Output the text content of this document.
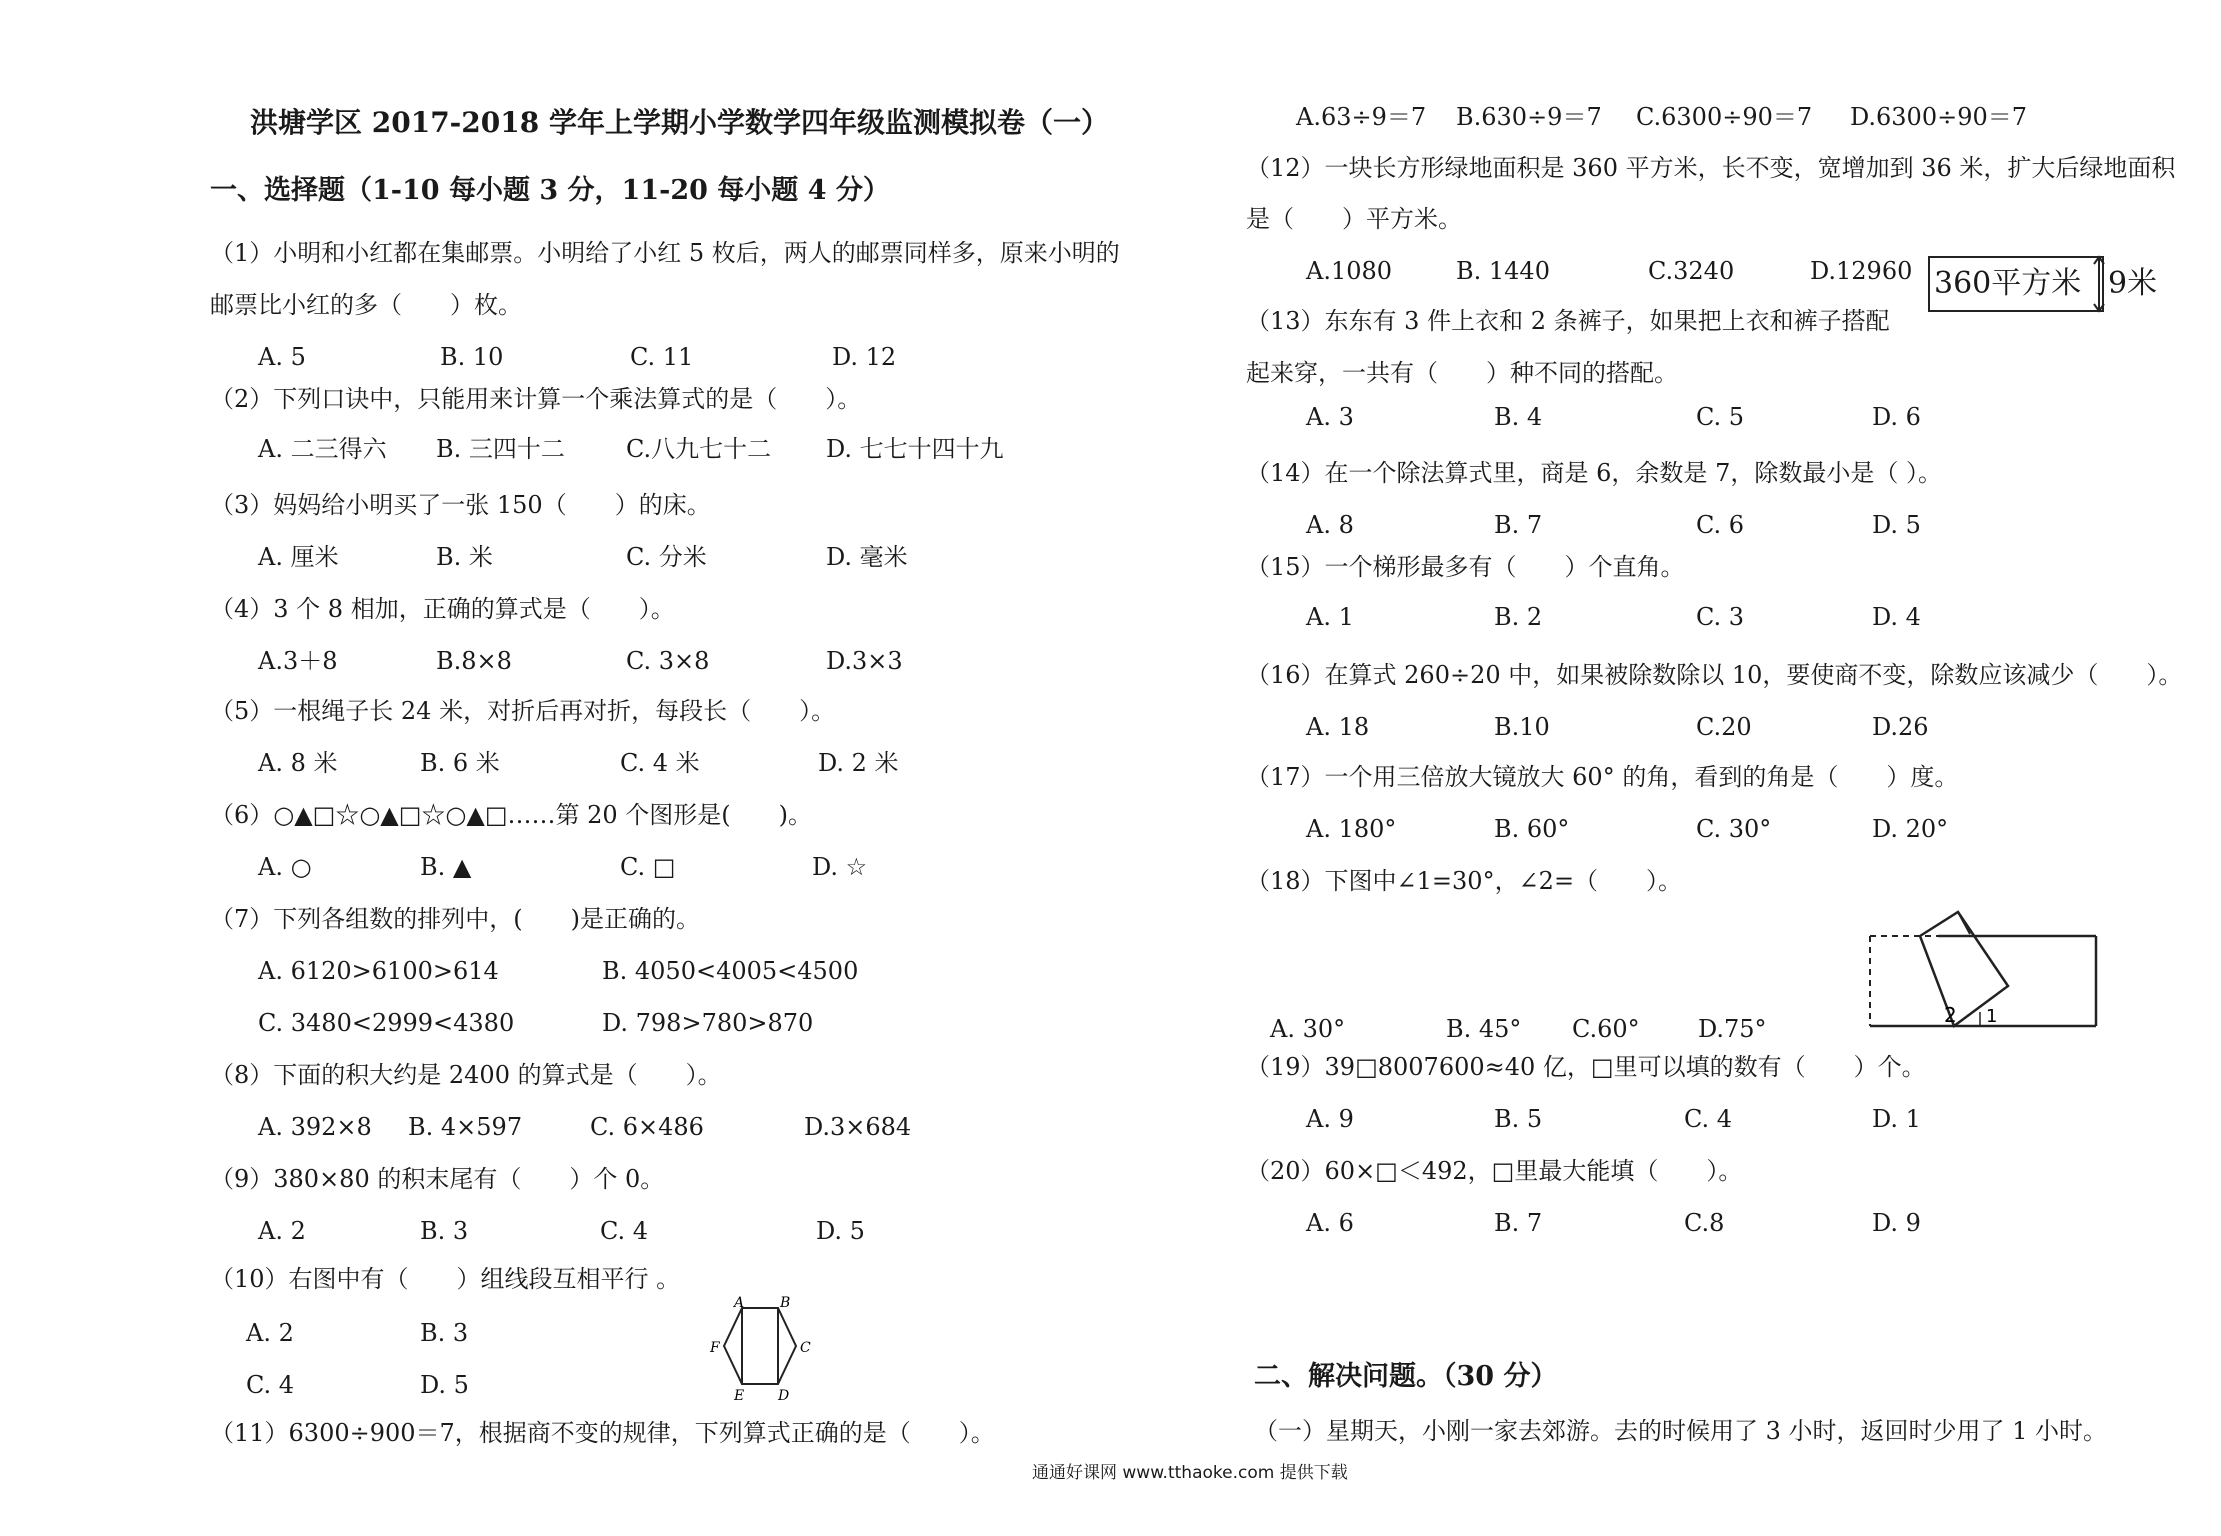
洪塘学区 2017-2018 学年上学期小学数学四年级监测模拟卷（一）
一、选择题（1-10 每小题 3 分，11-20 每小题 4 分）
（1）小明和小红都在集邮票。小明给了小红 5 枚后，两人的邮票同样多，原来小明的
邮票比小红的多（　　）枚。
A. 5	B. 10	C. 11	D. 12
（2）下列口诀中，只能用来计算一个乘法算式的是（　　）。
A. 二三得六 B. 三四十二	C.八九七十二 D. 七七十四十九
（3）妈妈给小明买了一张 150（　　）的床。
A. 厘米	B. 米	C. 分米	D. 毫米
（4）3 个 8 相加，正确的算式是（　　）。
A.3＋8	B.8×8	C. 3×8	D.3×3
（5）一根绳子长 24 米，对折后再对折，每段长（　　）。
A. 8 米	B. 6 米	C. 4 米	D. 2 米
（6）○▲□☆○▲□☆○▲□……第 20 个图形是(　　)。
A. ○	B. ▲	C. □	D. ☆
（7）下列各组数的排列中，(　　)是正确的。
A. 6120>6100>614	B. 4050<4005<4500
C. 3480<2999<4380	D. 798>780>870
（8）下面的积大约是 2400 的算式是（　　）。
A. 392×8 B. 4×597	C. 6×486	D.3×684
（9）380×80 的积末尾有（　　）个 0。
A. 2	B. 3	C. 4	D. 5
（10）右图中有（　　）组线段互相平行 。
A. 2	B. 3
C. 4	D. 5
A	B
C
D
E
F
（11）6300÷900＝7，根据商不变的规律，下列算式正确的是（　　）。
A.63÷9＝7 B.630÷9＝7 C.6300÷90＝7 D.6300÷90＝7
（12）一块长方形绿地面积是 360 平方米，长不变，宽增加到 36 米，扩大后绿地面积
是（　　）平方米。
A.1080	B. 1440	C.3240	D.12960 360平方米 9米
（13）东东有 3 件上衣和 2 条裤子，如果把上衣和裤子搭配
起来穿，一共有（　　）种不同的搭配。
A. 3	B. 4	C. 5	D. 6
（14）在一个除法算式里，商是 6，余数是 7，除数最小是（ ）。
A. 8	B. 7	C. 6	D. 5
（15）一个梯形最多有（　　）个直角。
A. 1	B. 2	C. 3	D. 4
（16）在算式 260÷20 中，如果被除数除以 10，要使商不变，除数应该减少（　　）。
A. 18	B.10	C.20	D.26
（17）一个用三倍放大镜放大 60° 的角，看到的角是（　　）度。
A. 180°	B. 60°	C. 30°	D. 20°
（18）下图中∠1=30°，∠2=（　　）。
A. 30°	B. 45° C.60° D.75°	2 1
（19）39□8007600≈40 亿，□里可以填的数有（　　）个。
A. 9	B. 5	C. 4	D. 1
（20）60×□＜492，□里最大能填（　　）。
A. 6	B. 7	C.8	D. 9
二、解决问题。（30 分）
（一）星期天，小刚一家去郊游。去的时候用了 3 小时，返回时少用了 1 小时。
通通好课网 www.tthaoke.com 提供下载
